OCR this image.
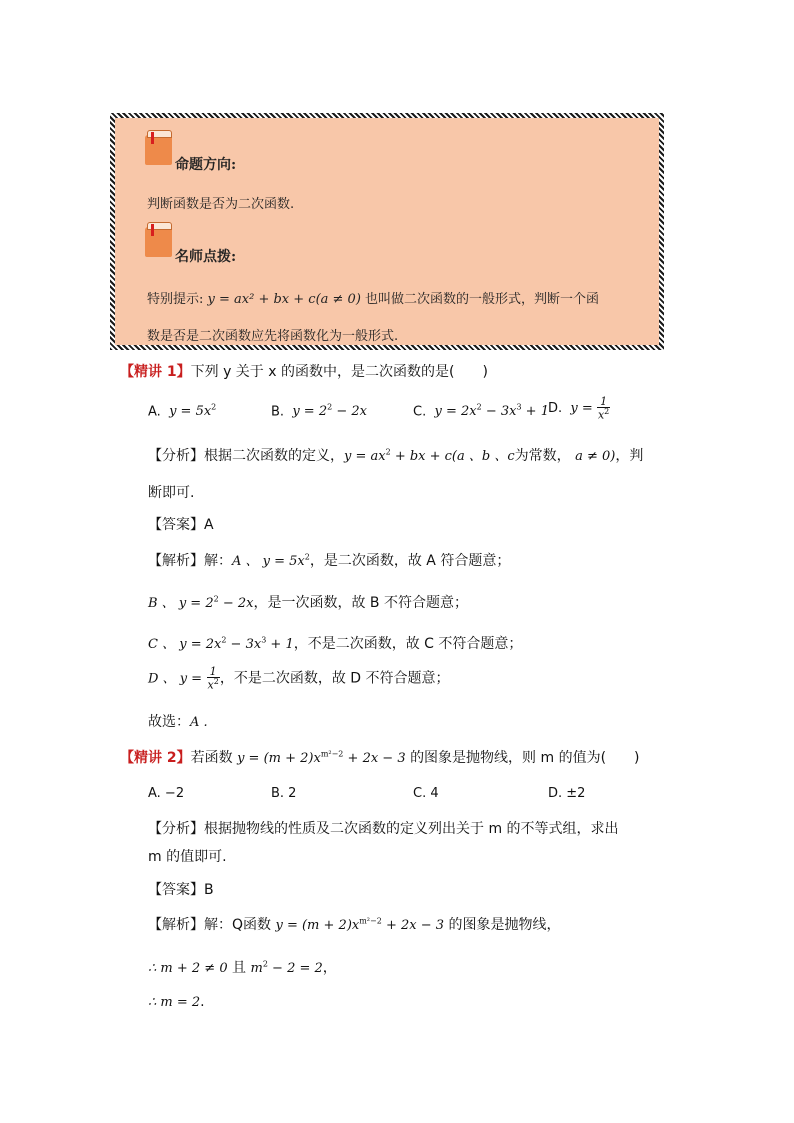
命题方向:
判断函数是否为二次函数.
名师点拨:
特别提示: y = ax² + bx + c(a ≠ 0) 也叫做二次函数的一般形式，判断一个函
数是否是二次函数应先将函数化为一般形式.
【精讲 1】下列 y 关于 x 的函数中，是二次函数的是(　　)
A. $y = 5x^2$	B. $y = 2^2 - 2x$	C. $y = 2x^2 - 3x^3 + 1$ D. $y = \frac{1}{x^2}$
【分析】根据二次函数的定义，$y = ax^2$ + bx + c(a 、b 、c为常数， a ≠ 0)，判
断即可.
【答案】A
【解析】解：A 、 $y = 5x^2$，是二次函数，故 A 符合题意；
B 、 $y = 2^2 - 2x$，是一次函数，故 B 不符合题意；
C 、 $y = 2x^2 - 3x^3 + 1$，不是二次函数，故 C 不符合题意；
D 、 $y = \frac{1}{x^2}$ ，不是二次函数，故 D 不符合题意；
故选：A .
【精讲 2】若函数 $y = (m + 2)x^{m^2-2} + 2x - 3$ 的图象是抛物线，则 m 的值为(　　)
A. −2	B. 2	C. 4	D. ±2
【分析】根据抛物线的性质及二次函数的定义列出关于 m 的不等式组，求出
m 的值即可.
【答案】B
【解析】解：Q函数 $y = (m + 2)x^{m^2-2} + 2x - 3$ 的图象是抛物线，
∴ m + 2 ≠ 0 且 $m^2 - 2 = 2$，
∴ m = 2.
